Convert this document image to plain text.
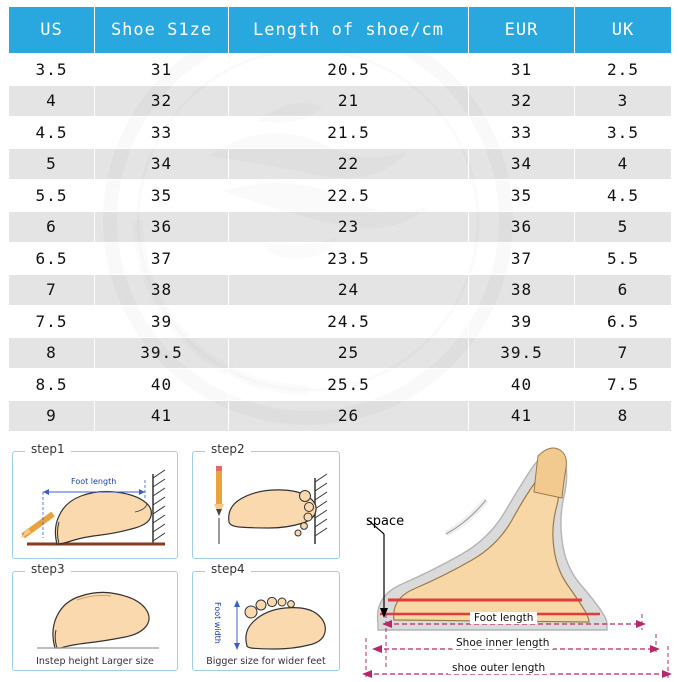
US	Shoe S1ze	Length of shoe/cm	EUR	UK
3.5	31	20.5	31	2.5
4	32	21	32	3
4.5	33	21.5	33	3.5
5	34	22	34	4
5.5	35	22.5	35	4.5
6	36	23	36	5
6.5	37	23.5	37	5.5
7	38	24	38	6
7.5	39	24.5	39	6.5
8	39.5	25	39.5	7
8.5	40	25.5	40	7.5
9	41	26	41	8

step1
Foot length
step2
step3
Instep height Larger size
step4
Foot width
Bigger size for wider feet
space
Foot length
Shoe inner length
shoe outer length
